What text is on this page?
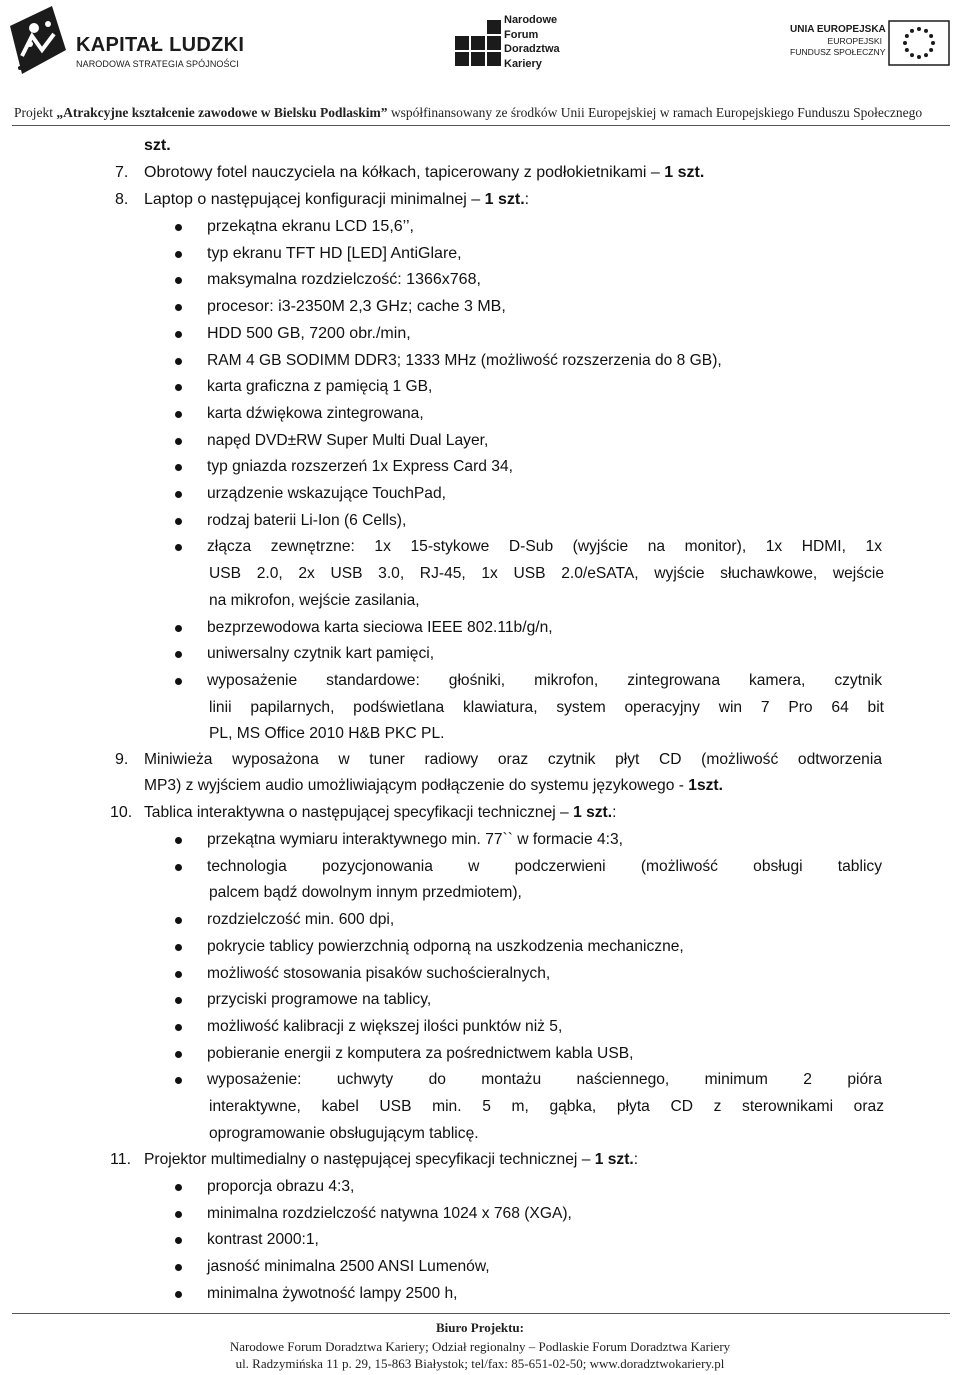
KAPITAŁ LUDZKI
NARODOWA STRATEGIA SPÓJNOŚCI
Narodowe
Forum
Doradztwa
Kariery
UNIA EUROPEJSKA
EUROPEJSKI
FUNDUSZ SPOŁECZNY
Projekt „Atrakcyjne kształcenie zawodowe w Bielsku Podlaskim” współfinansowany ze środków Unii Europejskiej w ramach Europejskiego Funduszu Społecznego
szt.
7. Obrotowy fotel nauczyciela na kółkach, tapicerowany z podłokietnikami – 1 szt.
8. Laptop o następującej konfiguracji minimalnej – 1 szt.:
przekątna ekranu LCD 15,6’’,
typ ekranu TFT HD [LED] AntiGlare,
maksymalna rozdzielczość: 1366x768,
procesor: i3-2350M 2,3 GHz; cache 3 MB,
HDD 500 GB, 7200 obr./min,
RAM 4 GB SODIMM DDR3; 1333 MHz (możliwość rozszerzenia do 8 GB),
karta graficzna z pamięcią 1 GB,
karta dźwiękowa zintegrowana,
napęd DVD±RW Super Multi Dual Layer,
typ gniazda rozszerzeń 1x Express Card 34,
urządzenie wskazujące TouchPad,
rodzaj baterii Li-Ion (6 Cells),
złącza zewnętrzne: 1x 15-stykowe D-Sub (wyjście na monitor), 1x HDMI, 1x
USB 2.0, 2x USB 3.0, RJ-45, 1x USB 2.0/eSATA, wyjście słuchawkowe, wejście
na mikrofon, wejście zasilania,
bezprzewodowa karta sieciowa IEEE 802.11b/g/n,
uniwersalny czytnik kart pamięci,
wyposażenie standardowe: głośniki, mikrofon, zintegrowana kamera, czytnik
linii papilarnych, podświetlana klawiatura, system operacyjny win 7 Pro 64 bit
PL, MS Office 2010 H&B PKC PL.
9. Miniwieża wyposażona w tuner radiowy oraz czytnik płyt CD (możliwość odtworzenia
MP3) z wyjściem audio umożliwiającym podłączenie do systemu językowego - 1szt.
10. Tablica interaktywna o następującej specyfikacji technicznej – 1 szt.:
przekątna wymiaru interaktywnego min. 77`` w formacie 4:3,
technologia pozycjonowania w podczerwieni (możliwość obsługi tablicy
palcem bądź dowolnym innym przedmiotem),
rozdzielczość min. 600 dpi,
pokrycie tablicy powierzchnią odporną na uszkodzenia mechaniczne,
możliwość stosowania pisaków suchościeralnych,
przyciski programowe na tablicy,
możliwość kalibracji z większej ilości punktów niż 5,
pobieranie energii z komputera za pośrednictwem kabla USB,
wyposażenie: uchwyty do montażu naściennego, minimum 2 pióra
interaktywne, kabel USB min. 5 m, gąbka, płyta CD z sterownikami oraz
oprogramowanie obsługującym tablicę.
11. Projektor multimedialny o następującej specyfikacji technicznej – 1 szt.:
proporcja obrazu 4:3,
minimalna rozdzielczość natywna 1024 x 768 (XGA),
kontrast 2000:1,
jasność minimalna 2500 ANSI Lumenów,
minimalna żywotność lampy 2500 h,
Biuro Projektu:
Narodowe Forum Doradztwa Kariery; Odział regionalny – Podlaskie Forum Doradztwa Kariery
ul. Radzymińska 11 p. 29, 15-863 Białystok; tel/fax: 85-651-02-50; www.doradztwokariery.pl
